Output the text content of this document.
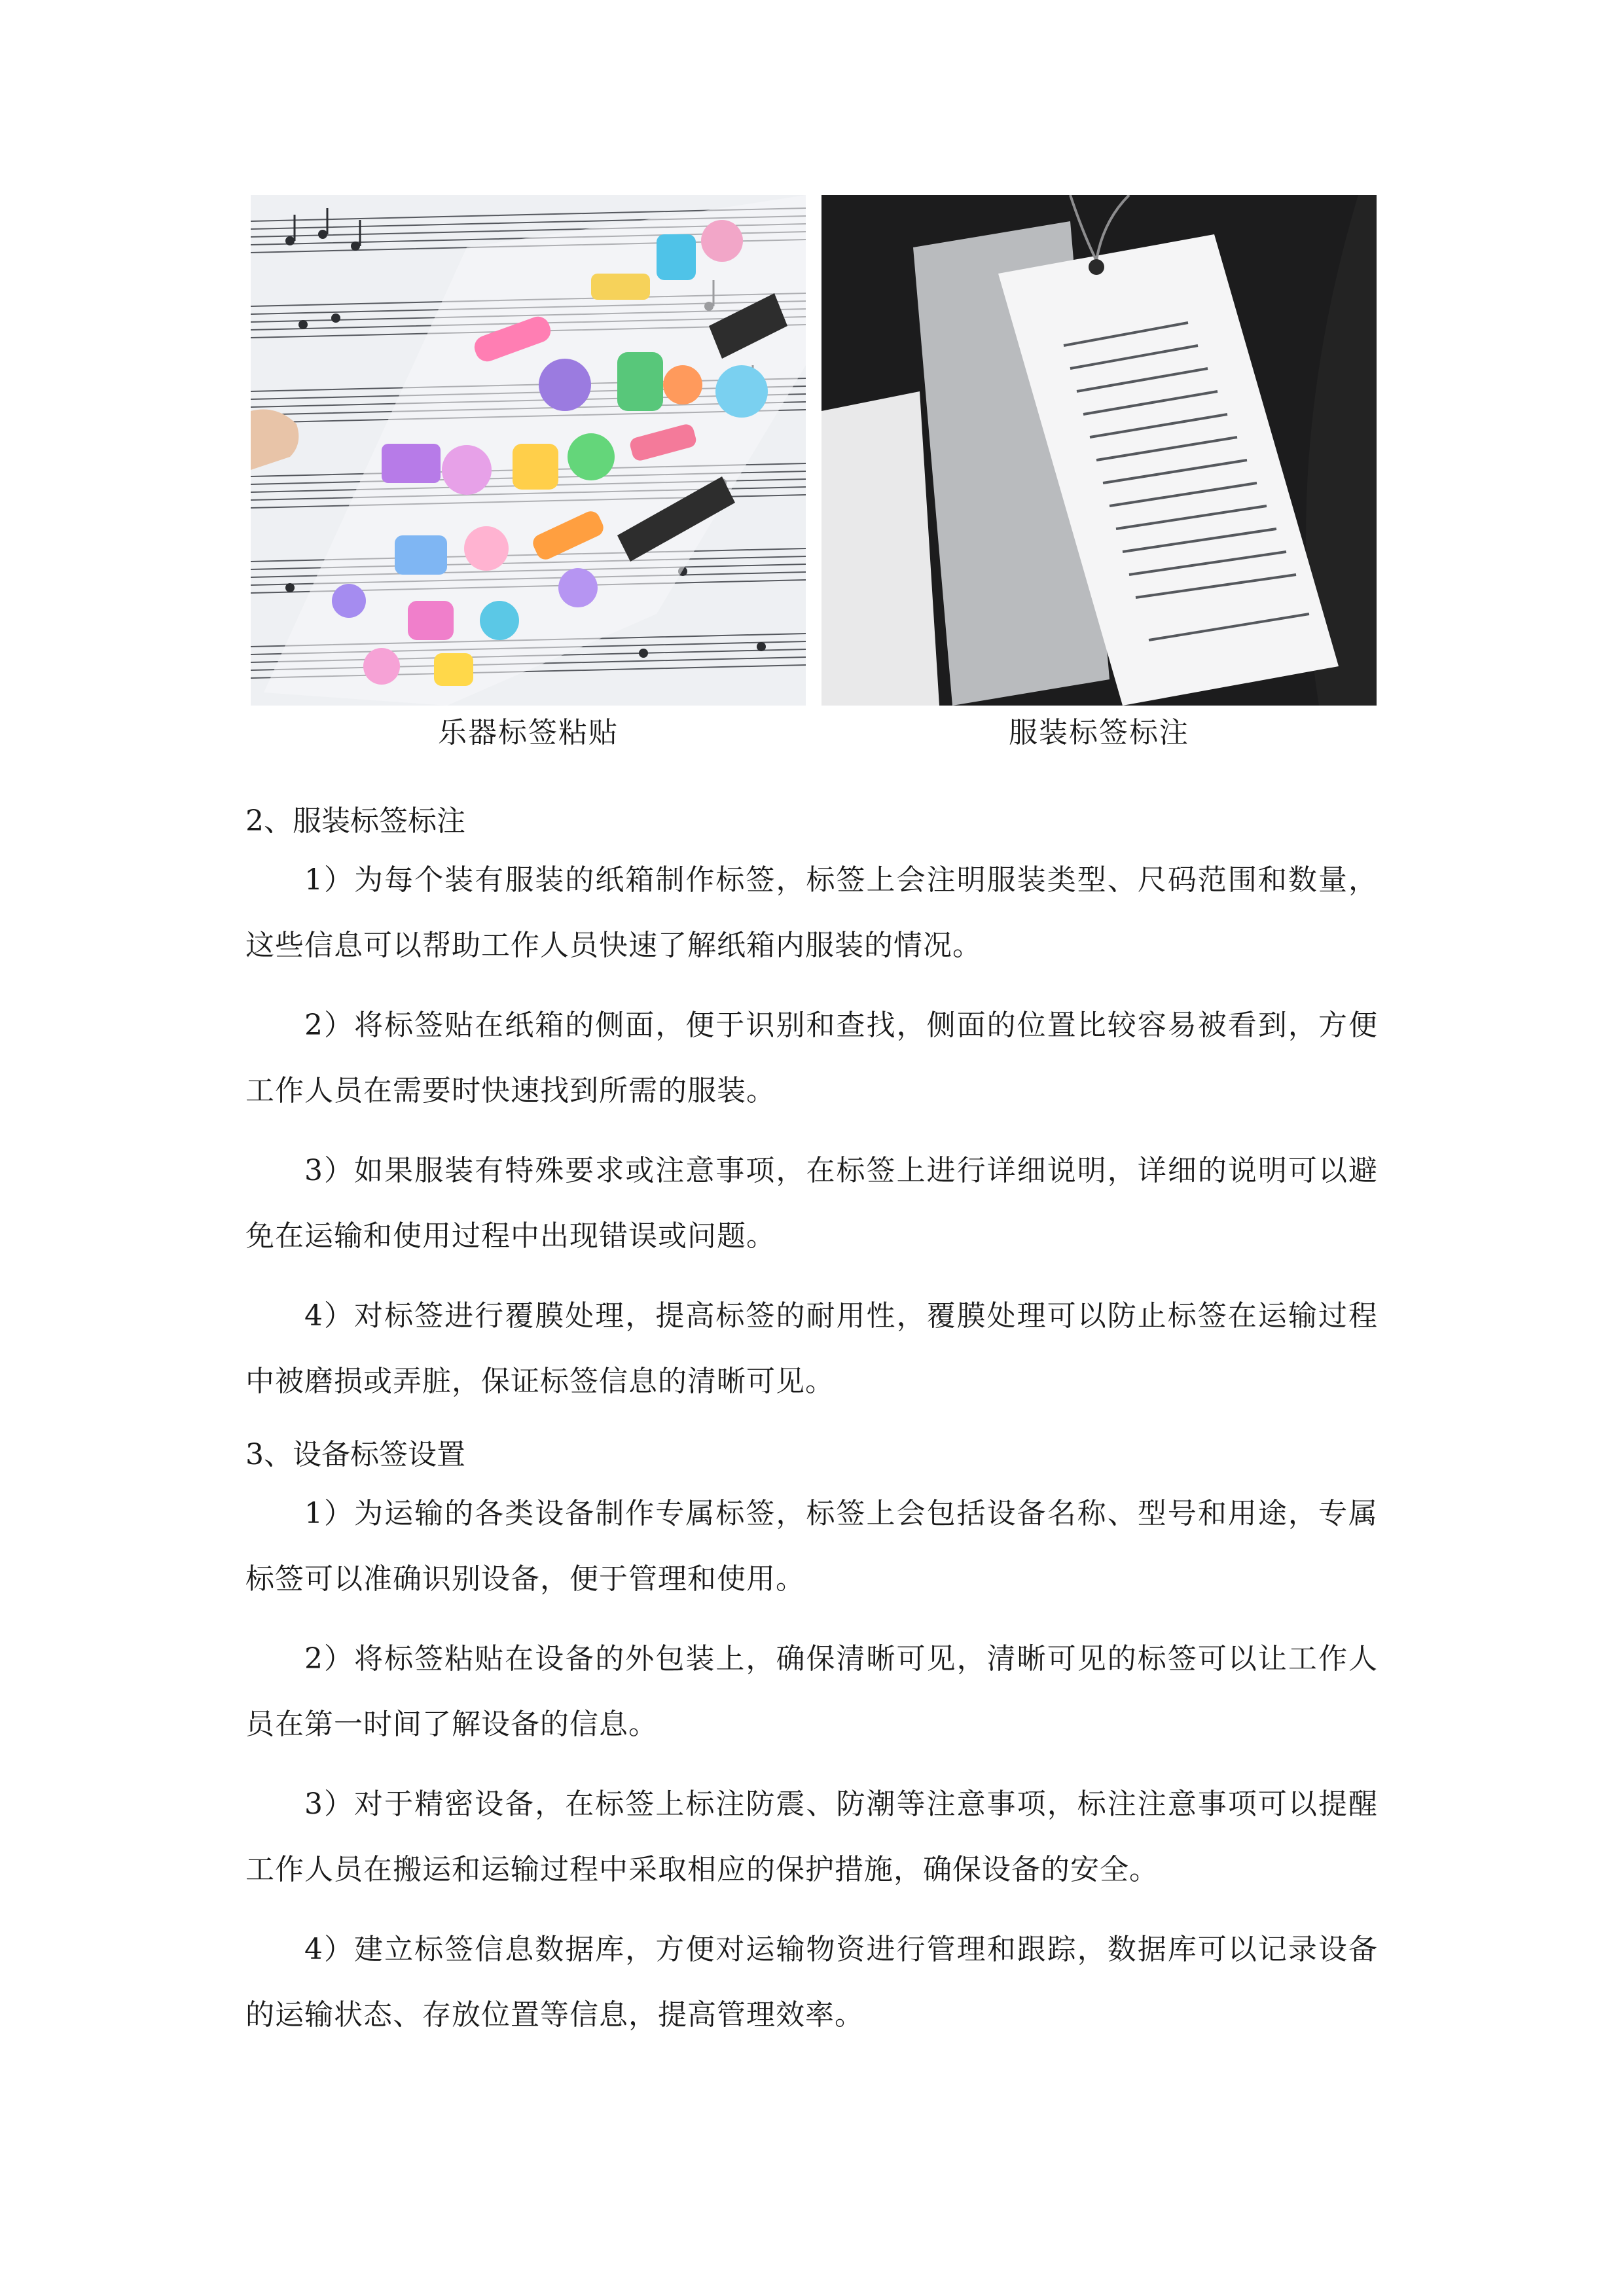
乐器标签粘贴	服装标签标注
2、服装标签标注

1）为每个装有服装的纸箱制作标签，标签上会注明服装类型、尺码范围和数量，这些信息可以帮助工作人员快速了解纸箱内服装的情况。

2）将标签贴在纸箱的侧面，便于识别和查找，侧面的位置比较容易被看到，方便工作人员在需要时快速找到所需的服装。

3）如果服装有特殊要求或注意事项，在标签上进行详细说明，详细的说明可以避免在运输和使用过程中出现错误或问题。

4）对标签进行覆膜处理，提高标签的耐用性，覆膜处理可以防止标签在运输过程中被磨损或弄脏，保证标签信息的清晰可见。

3、设备标签设置

1）为运输的各类设备制作专属标签，标签上会包括设备名称、型号和用途，专属标签可以准确识别设备，便于管理和使用。

2）将标签粘贴在设备的外包装上，确保清晰可见，清晰可见的标签可以让工作人员在第一时间了解设备的信息。

3）对于精密设备，在标签上标注防震、防潮等注意事项，标注注意事项可以提醒工作人员在搬运和运输过程中采取相应的保护措施，确保设备的安全。

4）建立标签信息数据库，方便对运输物资进行管理和跟踪，数据库可以记录设备的运输状态、存放位置等信息，提高管理效率。
